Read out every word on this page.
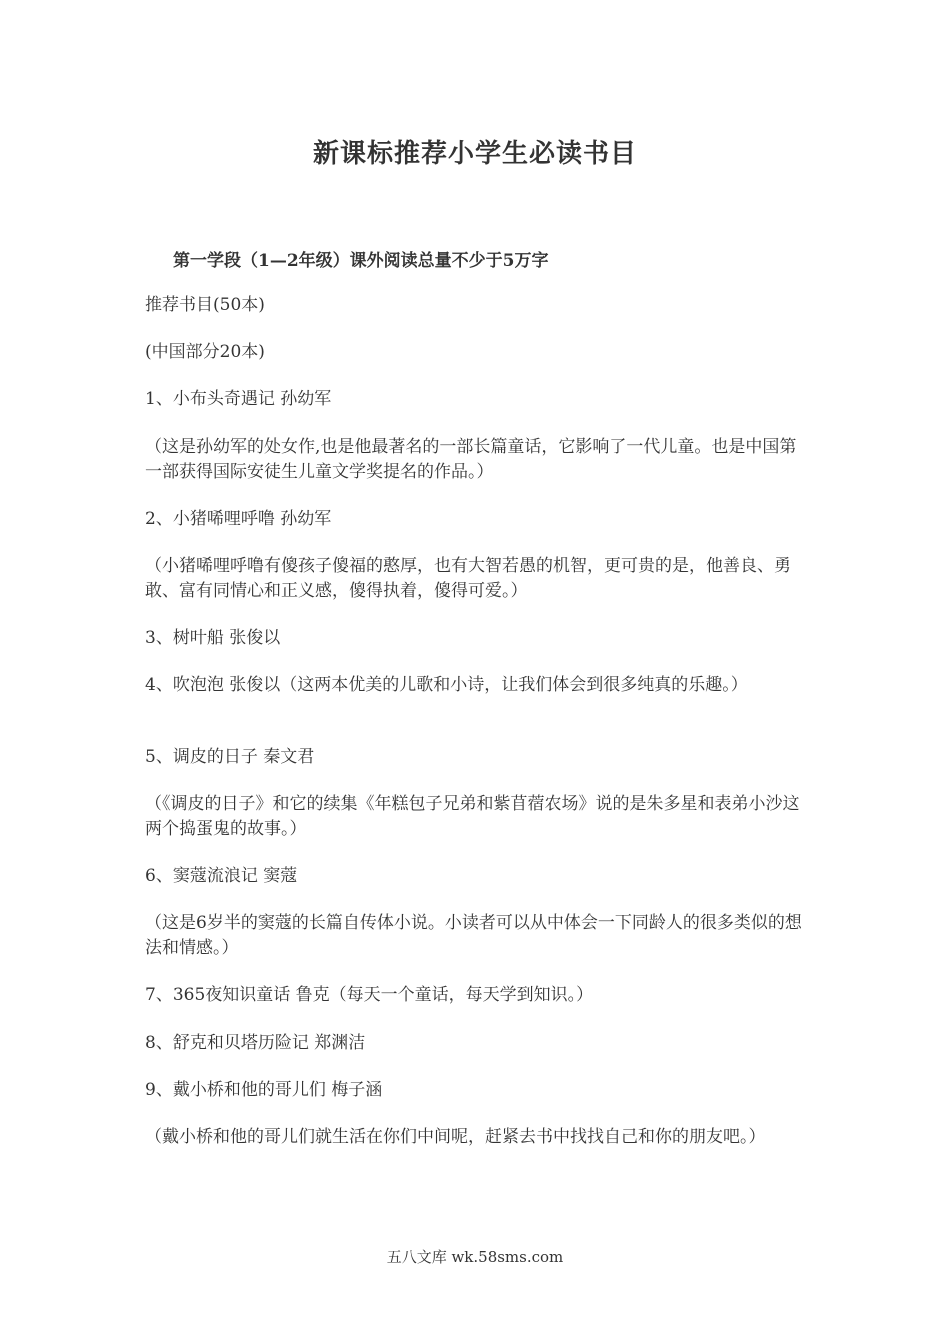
新课标推荐小学生必读书目
第一学段（1—2年级）课外阅读总量不少于5万字

推荐书目(50本)

(中国部分20本)

1、小布头奇遇记 孙幼军

（这是孙幼军的处女作,也是他最著名的一部长篇童话，它影响了一代儿童。也是中国第一部获得国际安徒生儿童文学奖提名的作品。）

2、小猪唏哩呼噜 孙幼军

（小猪唏哩呼噜有傻孩子傻福的憨厚，也有大智若愚的机智，更可贵的是，他善良、勇敢、富有同情心和正义感，傻得执着，傻得可爱。）

3、树叶船 张俊以

4、吹泡泡 张俊以（这两本优美的儿歌和小诗，让我们体会到很多纯真的乐趣。）

5、调皮的日子 秦文君

（《调皮的日子》和它的续集《年糕包子兄弟和紫苜蓿农场》说的是朱多星和表弟小沙这两个捣蛋鬼的故事。）

6、窦蔻流浪记 窦蔻

（这是6岁半的窦蔻的长篇自传体小说。小读者可以从中体会一下同龄人的很多类似的想法和情感。）

7、365夜知识童话 鲁克（每天一个童话，每天学到知识。）

8、舒克和贝塔历险记 郑渊洁

9、戴小桥和他的哥儿们 梅子涵

（戴小桥和他的哥儿们就生活在你们中间呢，赶紧去书中找找自己和你的朋友吧。）

五八文库 wk.58sms.com
